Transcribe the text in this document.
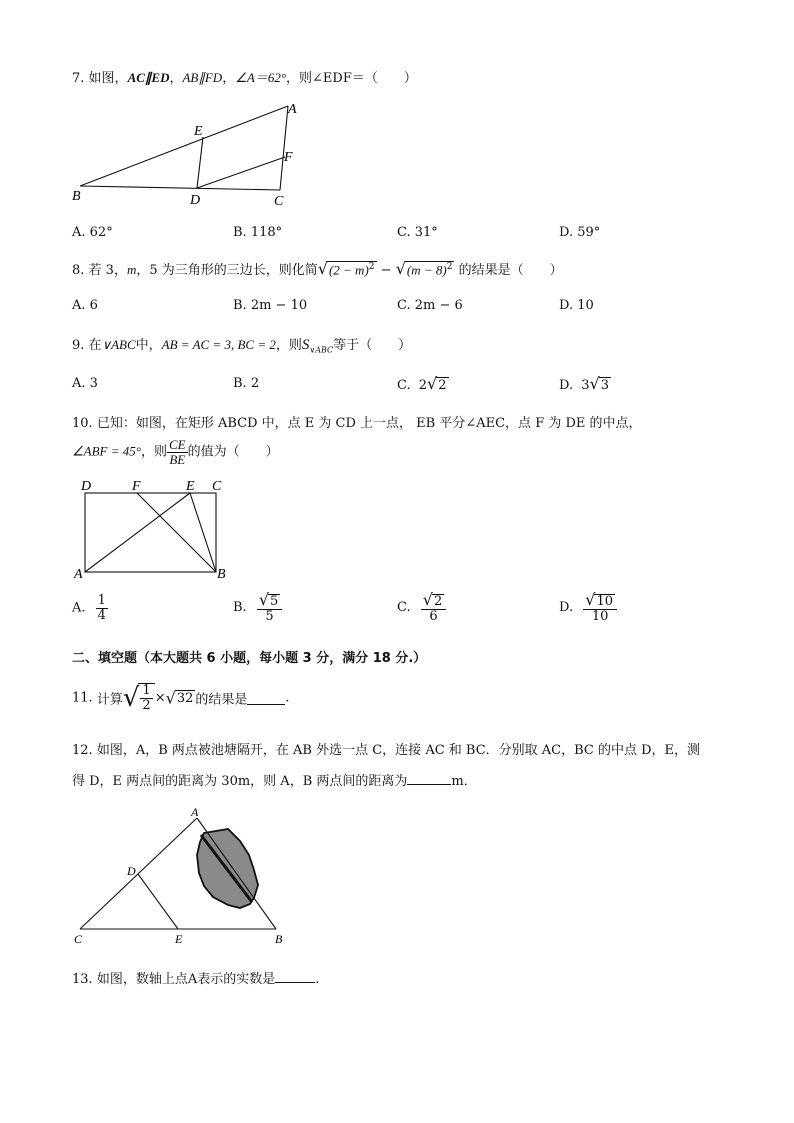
7. 如图，AC∥ED，AB∥FD，∠A＝62°，则∠EDF＝（　　）
A
E
F
B	D	C
A. 62°	B. 118°	C. 31°	D. 59°
8. 若 3，m，5 为三角形的三边长，则化简$√(2 - m)^2 - √(m - 8)^2$ 的结果是（　　）
A. 6	B. 2m − 10	C. 2m − 6	D. 10
9. 在∨ABC中，AB = AC = 3, BC = 2，则$S_{\vee ABC}$等于（　　）
A. 3	B. 2	C. 2√2	D. 3√3
10. 已知：如图，在矩形 ABCD 中，点 E 为 CD 上一点， EB 平分∠AEC，点 F 为 DE 的中点，
∠ABF = 45°，则 $\frac{CE}{BE}$ 的值为（　　）
D	F	E C
A	B
A. $\frac{1}{4}$	B. $\frac{√5}{5}$	C. $\frac{√2}{6}$	D. $\frac{√10}{10}$
二、填空题（本大题共 6 小题，每小题 3 分，满分 18 分.）
11. 计算√ $\frac{1}{2} \times√32$ 的结果是	.
12. 如图，A，B 两点被池塘隔开，在 AB 外选一点 C，连接 AC 和 BC．分别取 AC，BC 的中点 D，E，测
得 D，E 两点间的距离为 30m，则 A，B 两点间的距离为	m．
A
D
C	E	B
13. 如图，数轴上点A表示的实数是	.
